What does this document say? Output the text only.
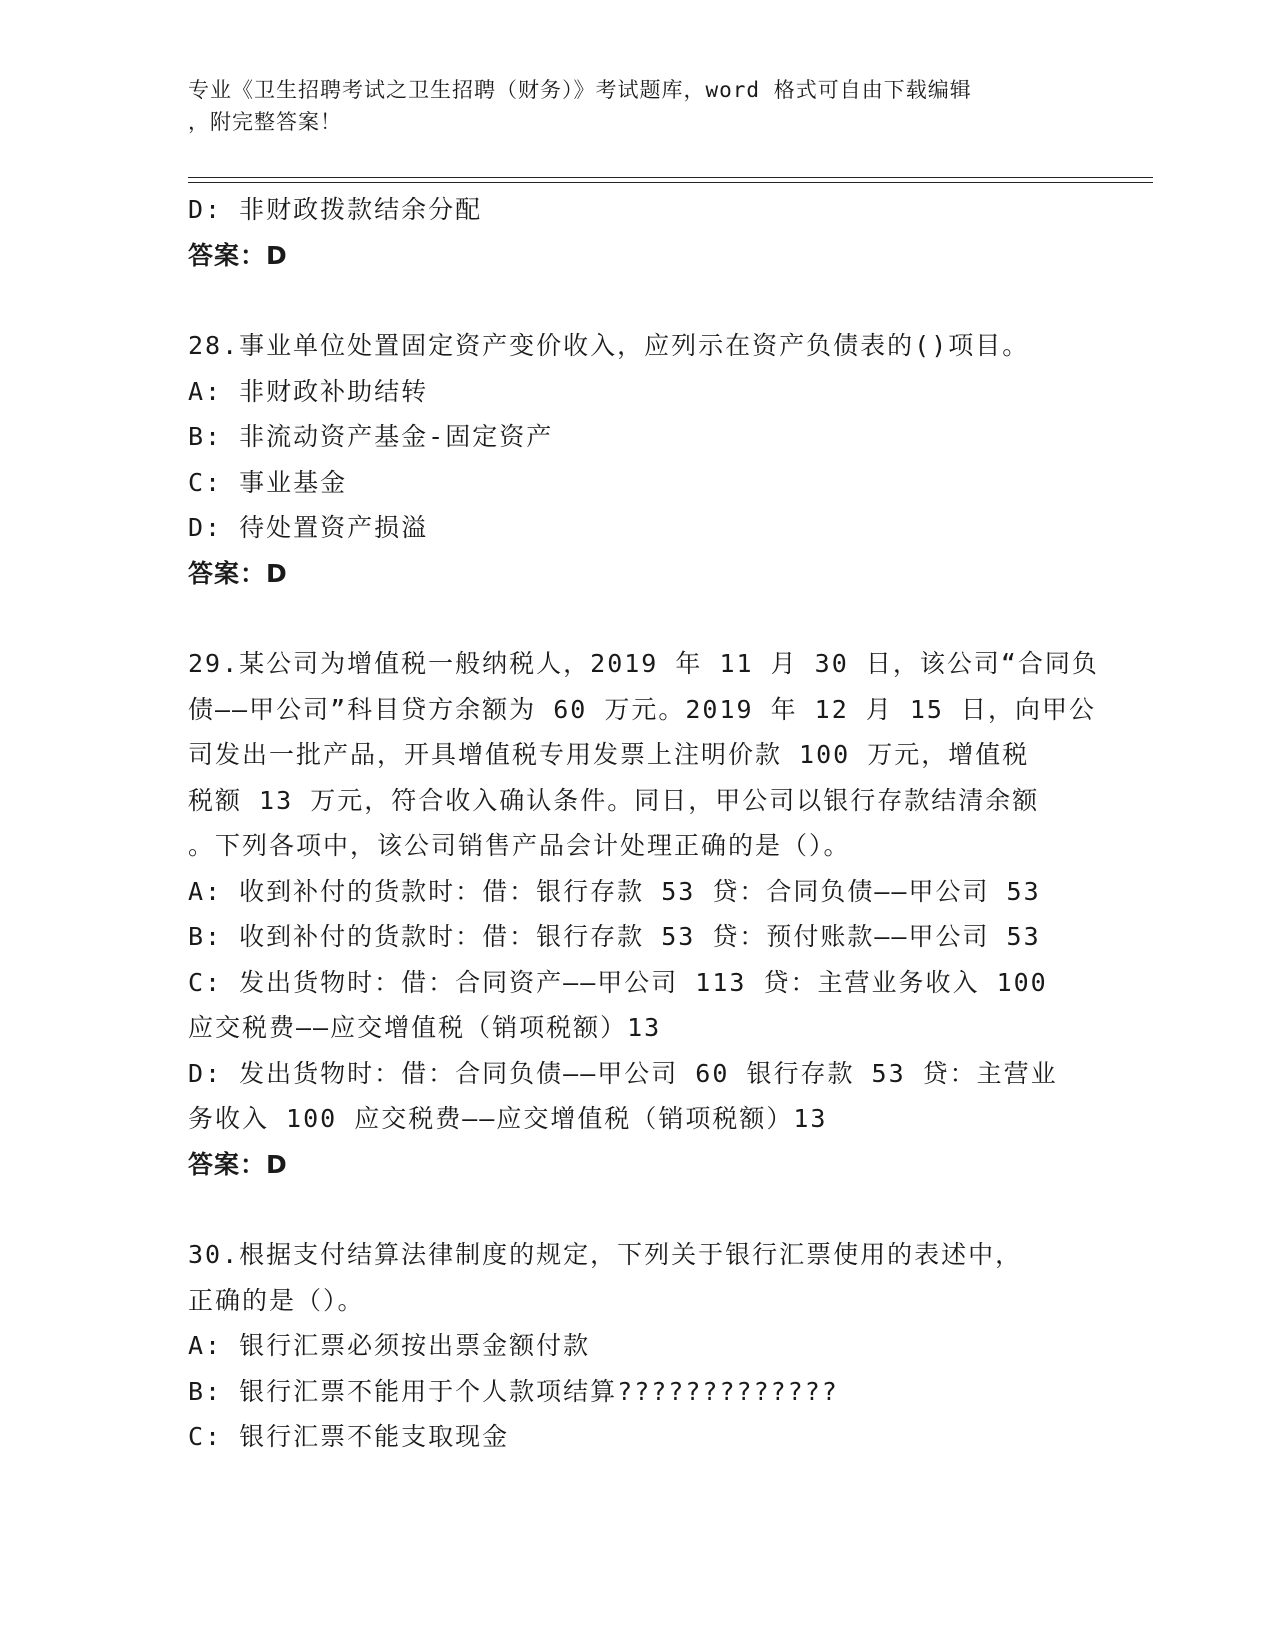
专业《卫生招聘考试之卫生招聘（财务）》考试题库，word 格式可自由下载编辑

，附完整答案！

D: 非财政拨款结余分配
答案：D
28.事业单位处置固定资产变价收入，应列示在资产负债表的()项目。
A: 非财政补助结转
B: 非流动资产基金-固定资产
C: 事业基金
D: 待处置资产损溢
答案：D
29.某公司为增值税一般纳税人，2019 年 11 月 30 日，该公司“合同负
债——甲公司”科目贷方余额为 60 万元。2019 年 12 月 15 日，向甲公
司发出一批产品，开具增值税专用发票上注明价款 100 万元，增值税
税额 13 万元，符合收入确认条件。同日，甲公司以银行存款结清余额
。下列各项中，该公司销售产品会计处理正确的是（）。
A: 收到补付的货款时：借：银行存款 53 贷：合同负债——甲公司 53
B: 收到补付的货款时：借：银行存款 53 贷：预付账款——甲公司 53
C: 发出货物时：借：合同资产——甲公司 113 贷：主营业务收入 100
应交税费——应交增值税（销项税额）13
D: 发出货物时：借：合同负债——甲公司 60 银行存款 53 贷：主营业
务收入 100 应交税费——应交增值税（销项税额）13
答案：D
30.根据支付结算法律制度的规定，下列关于银行汇票使用的表述中，
正确的是（）。
A: 银行汇票必须按出票金额付款
B: 银行汇票不能用于个人款项结算?????????????
C: 银行汇票不能支取现金
